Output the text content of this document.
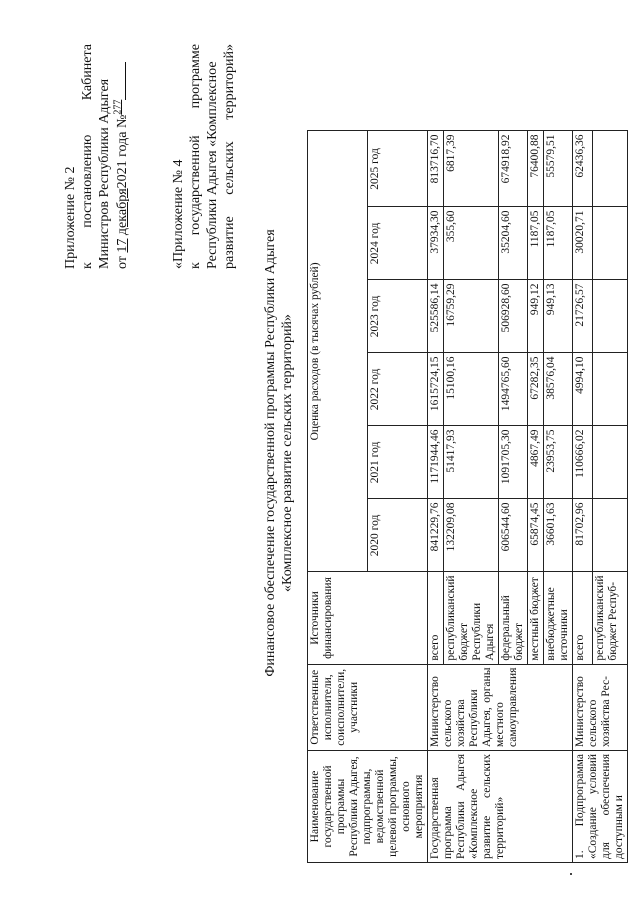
Приложение № 2 к
постановлению
Кабинета
Министров Республики Адыгея от 17 декабря2021 года №$^{277}$
«Приложение № 4 к
государственной
программе Республики Адыгея «Комплексное развитие
сельских
территорий»
Финансовое обеспечение государственной программы Республики Адыгея «Комплексное развитие сельских территорий»
Наименование государственной программы Республики Адыгея, подпрограммы, ведомственной целевой программы, основного мероприятия	Ответственные исполнители, соисполнители, участники	Источники финансирования	Оценка расходов (в тысячах рублей)					
			2020 год	2021 год	2022 год	2023 год	2024 год	2025 год
Государственная программа Республики Адыгея «Комплексное развитие сельских территорий»	Министерство сельского хозяйства Республики Адыгея, органы местного самоуправления	всего	841229,76	1171944,46	1615724,15	525586,14	37934,30	813716,70
		республиканский бюджет Республики Адыгея	132209,08	51417,93	15100,16	16759,29	355,60	6817,39
		федеральный бюджет	606544,60	1091705,30	1494765,60	506928,60	35204,60	674918,92
		местный бюджет	65874,45	4867,49	67282,35	949,12	1187,05	76400,88
		внебюджетные источники	36601,63	23953,75	38576,04	949,13	1187,05	55579,51
1. Подпрограмма «Создание условий для обеспечения доступным и	Министерство сельского хозяйства Рес-	всего	81702,96	110666,02	4994,10	21726,57	30020,71	62436,36
		республиканский бюджет Респуб-						
